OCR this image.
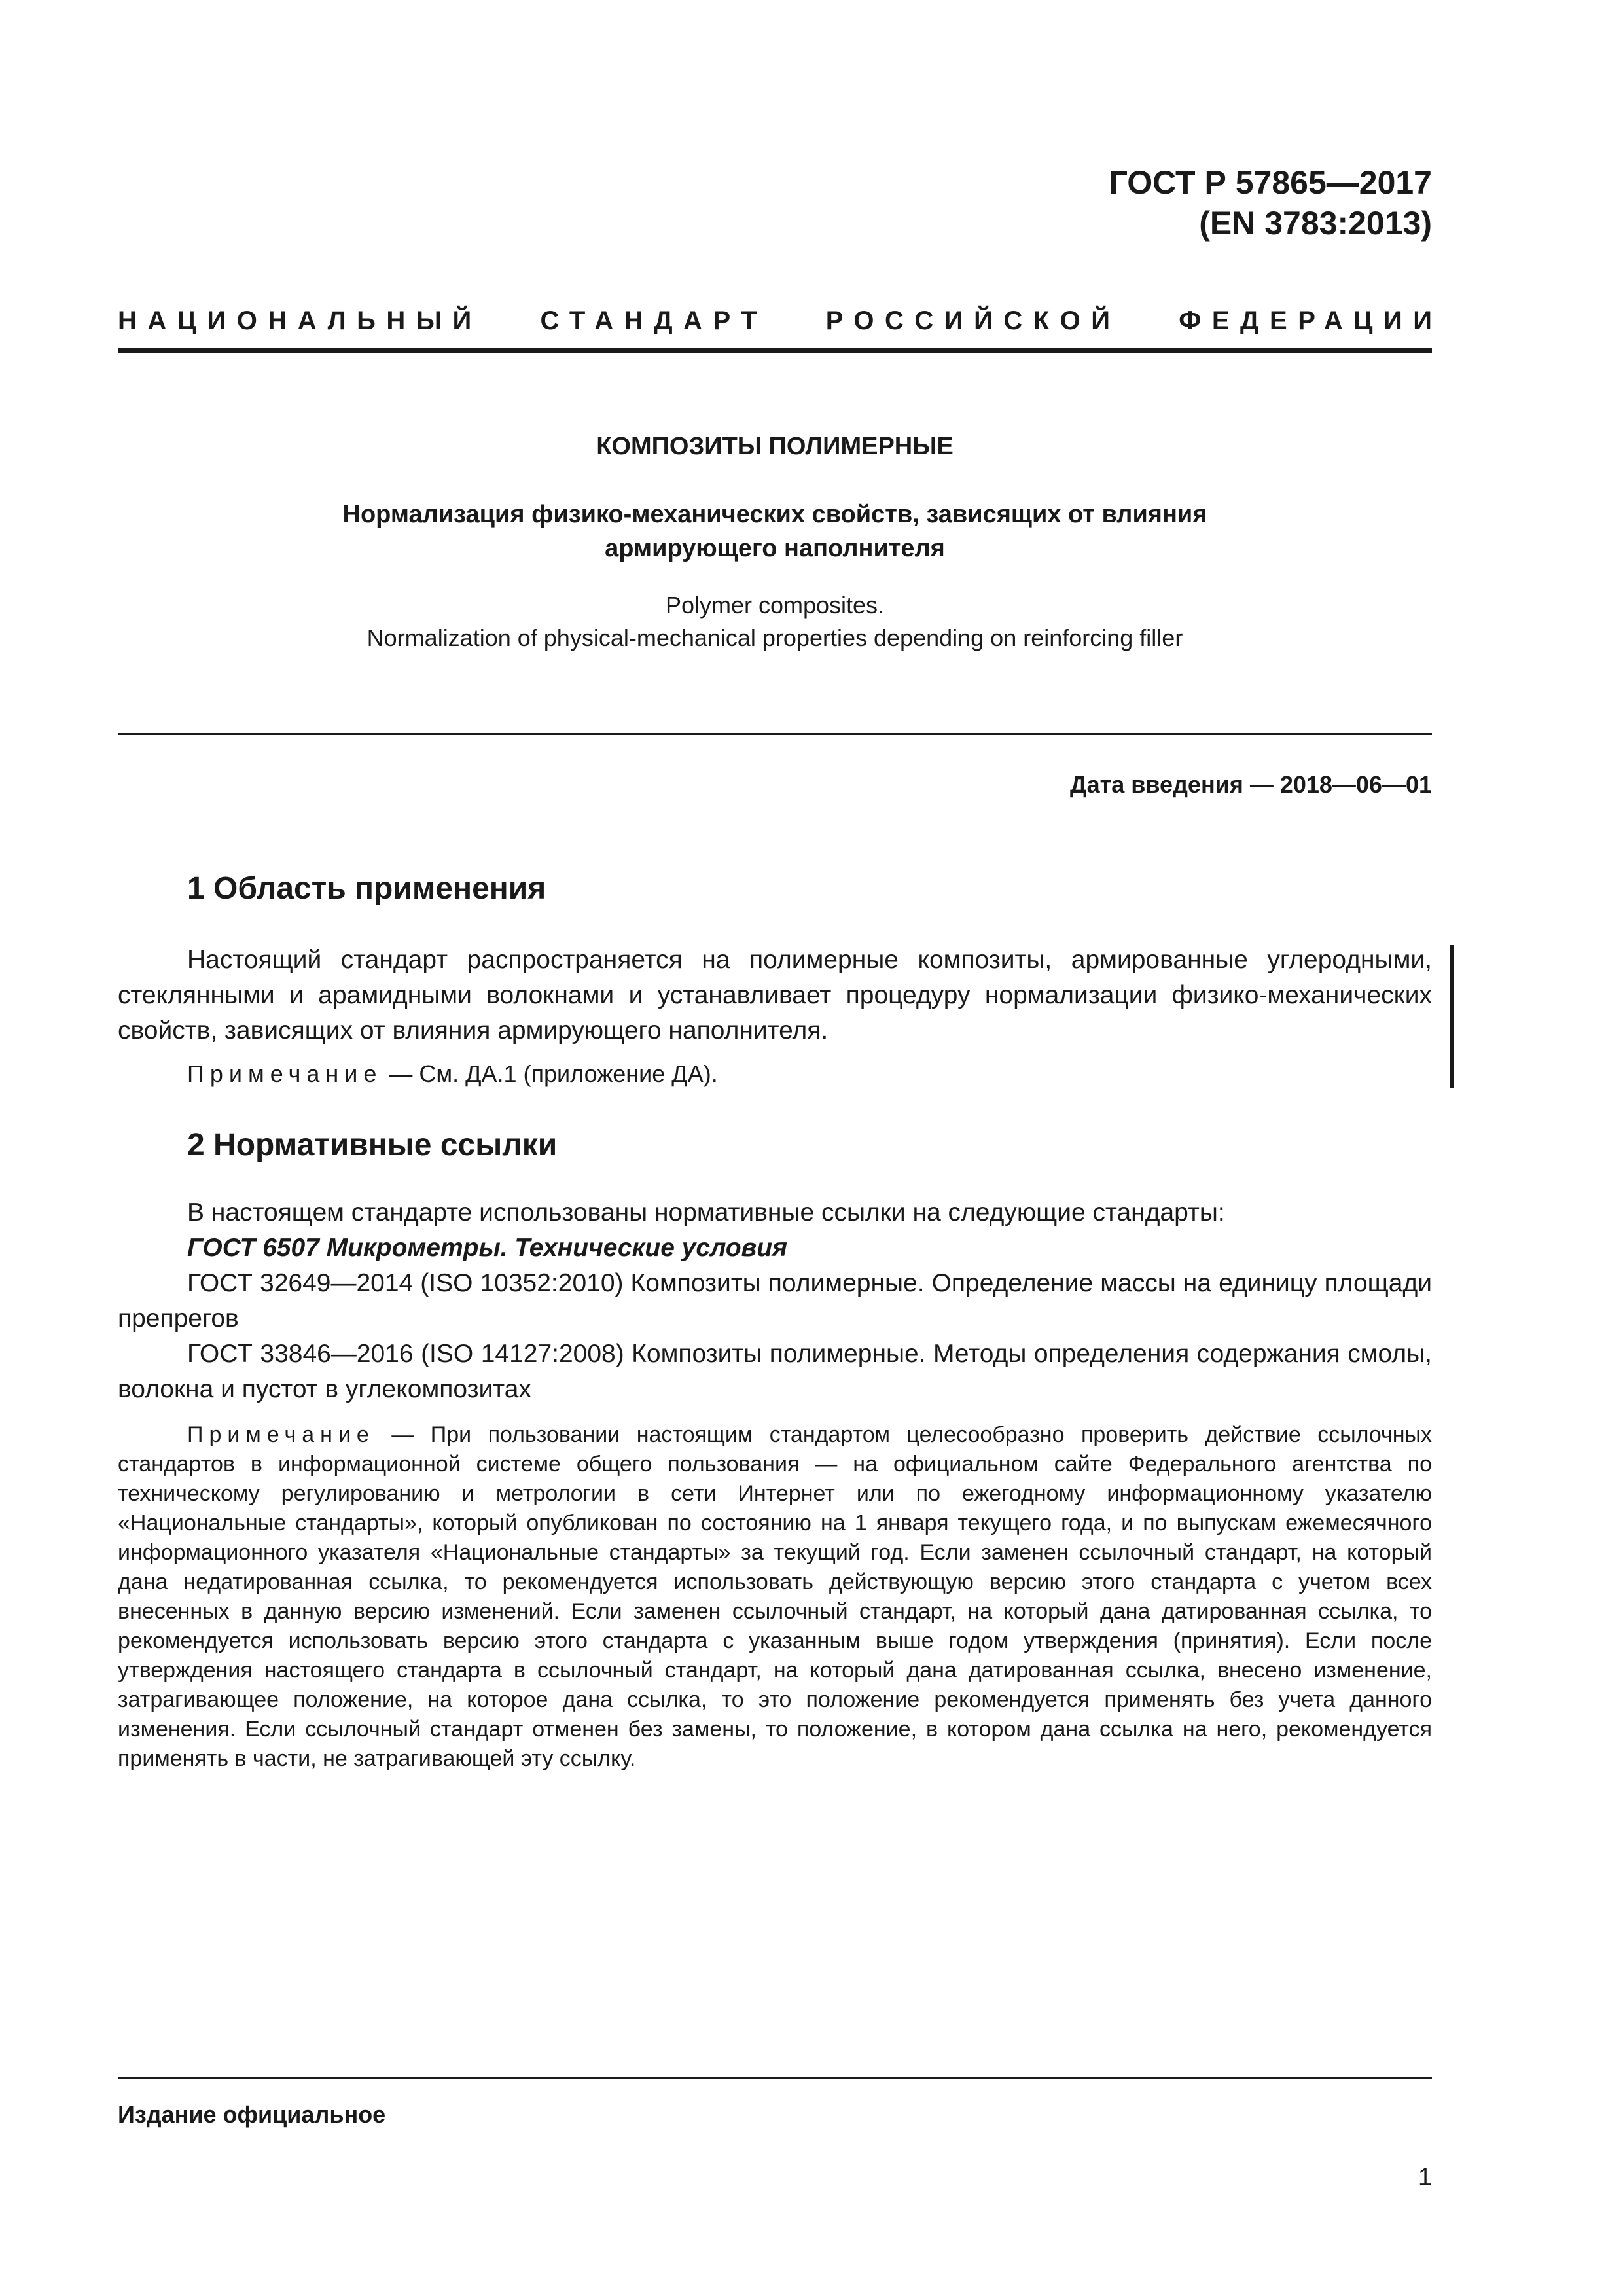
ГОСТ Р 57865—2017
(EN 3783:2013)
НАЦИОНАЛЬНЫЙ СТАНДАРТ РОССИЙСКОЙ ФЕДЕРАЦИИ
КОМПОЗИТЫ ПОЛИМЕРНЫЕ
Нормализация физико-механических свойств, зависящих от влияния
армирующего наполнителя
Polymer composites.
Normalization of physical-mechanical properties depending on reinforcing filler
Дата введения — 2018—06—01
1 Область применения

Настоящий стандарт распространяется на полимерные композиты, армированные углеродными, стеклянными и арамидными волокнами и устанавливает процедуру нормализации физико-механических свойств, зависящих от влияния армирующего наполнителя.

Примечание — См. ДА.1 (приложение ДА).

2 Нормативные ссылки

В настоящем стандарте использованы нормативные ссылки на следующие стандарты:

ГОСТ 6507 Микрометры. Технические условия

ГОСТ 32649—2014 (ISO 10352:2010) Композиты полимерные. Определение массы на единицу площади препрегов

ГОСТ 33846—2016 (ISO 14127:2008) Композиты полимерные. Методы определения содержания смолы, волокна и пустот в углекомпозитах

Примечание — При пользовании настоящим стандартом целесообразно проверить действие ссылочных стандартов в информационной системе общего пользования — на официальном сайте Федерального агентства по техническому регулированию и метрологии в сети Интернет или по ежегодному информационному указателю «Национальные стандарты», который опубликован по состоянию на 1 января текущего года, и по выпускам ежемесячного информационного указателя «Национальные стандарты» за текущий год. Если заменен ссылочный стандарт, на который дана недатированная ссылка, то рекомендуется использовать действующую версию этого стандарта с учетом всех внесенных в данную версию изменений. Если заменен ссылочный стандарт, на который дана датированная ссылка, то рекомендуется использовать версию этого стандарта с указанным выше годом утверждения (принятия). Если после утверждения настоящего стандарта в ссылочный стандарт, на который дана датированная ссылка, внесено изменение, затрагивающее положение, на которое дана ссылка, то это положение рекомендуется применять без учета данного изменения. Если ссылочный стандарт отменен без замены, то положение, в котором дана ссылка на него, рекомендуется применять в части, не затрагивающей эту ссылку.

Издание официальное
1
